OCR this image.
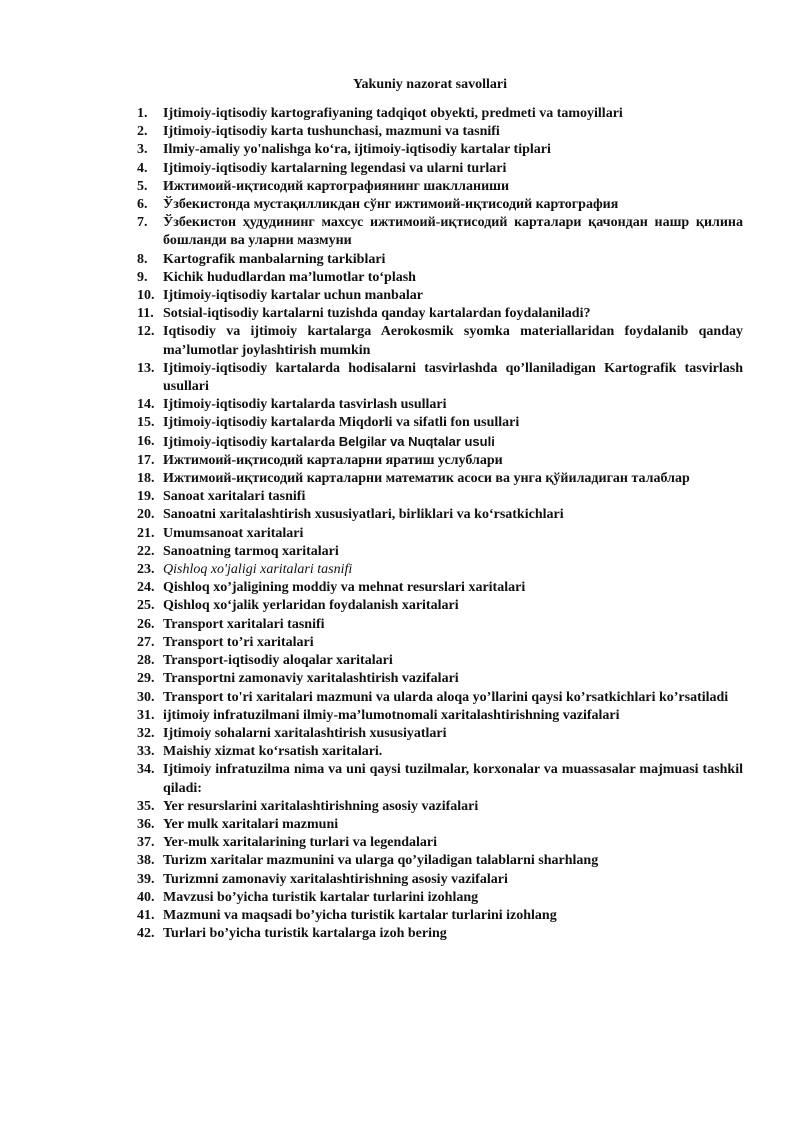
Yakuniy nazorat savollari
1.	Ijtimoiy-iqtisodiy kartografiyaning tadqiqot obyekti, predmeti va tamoyillari
2.	Ijtimoiy-iqtisodiy karta tushunchasi, mazmuni va tasnifi
3.	Ilmiy-amaliy yo'nalishga ko‘ra, ijtimoiy-iqtisodiy kartalar tiplari
4.	Ijtimoiy-iqtisodiy kartalarning legendasi va ularni turlari
5.	Ижтимоий-иқтисодий картографиянинг шаклланиши
6.	Ўзбекистонда мустақилликдан сўнг ижтимоий-иқтисодий картография
7.	Ўзбекистон ҳудудининг махсус ижтимоий-иқтисодий карталари қачондан нашр қилина бошланди ва уларни мазмуни
8.	Kartografik manbalarning tarkiblari
9.	Kichik hududlardan ma’lumotlar to‘plash
10. Ijtimoiy-iqtisodiy kartalar uchun manbalar
11. Sotsial-iqtisodiy kartalarni tuzishda qanday kartalardan foydalaniladi?
12. Iqtisodiy va ijtimoiy kartalarga Aerokosmik syomka materiallaridan foydalanib qanday ma’lumotlar joylashtirish mumkin
13. Ijtimoiy-iqtisodiy kartalarda hodisalarni tasvirlashda qo’llaniladigan Kartografik tasvirlash usullari
14. Ijtimoiy-iqtisodiy kartalarda tasvirlash usullari
15. Ijtimoiy-iqtisodiy kartalarda Miqdorli va sifatli fon usullari
16. Ijtimoiy-iqtisodiy kartalarda Belgilar va Nuqtalar usuli
17. Ижтимоий-иқтисодий карталарни яратиш услублари
18. Ижтимоий-иқтисодий карталарни математик асоси ва унга қўйиладиган талаблар
19. Sanoat xaritalari tasnifi
20. Sanoatni xaritalashtirish xususiyatlari, birliklari va ko‘rsatkichlari
21. Umumsanoat xaritalari
22. Sanoatning tarmoq xaritalari
23. Qishloq xo'jaligi xaritalari tasnifi
24. Qishloq xo’jaligining moddiy va mehnat resurslari xaritalari
25. Qishloq xo‘jalik yerlaridan foydalanish xaritalari
26. Transport xaritalari tasnifi
27. Transport to’ri xaritalari
28. Transport-iqtisodiy aloqalar xaritalari
29. Transportni zamonaviy xaritalashtirish vazifalari
30. Transport to'ri xaritalari mazmuni va ularda aloqa yo’llarini qaysi ko’rsatkichlari ko’rsatiladi
31. ijtimoiy infratuzilmani ilmiy-ma’lumotnomali xaritalashtirishning vazifalari
32. Ijtimoiy sohalarni xaritalashtirish xususiyatlari
33. Maishiy xizmat ko‘rsatish xaritalari.
34. Ijtimoiy infratuzilma nima va uni qaysi tuzilmalar, korxonalar va muassasalar majmuasi tashkil qiladi:
35. Yer resurslarini xaritalashtirishning asosiy vazifalari
36. Yer mulk xaritalari mazmuni
37. Yer-mulk xaritalarining turlari va legendalari
38. Turizm xaritalar mazmunini va ularga qo’yiladigan talablarni sharhlang
39. Turizmni zamonaviy xaritalashtirishning asosiy vazifalari
40. Mavzusi bo’yicha turistik kartalar turlarini izohlang
41. Mazmuni va maqsadi bo’yicha turistik kartalar turlarini izohlang
42. Turlari bo’yicha turistik kartalarga izoh bering
